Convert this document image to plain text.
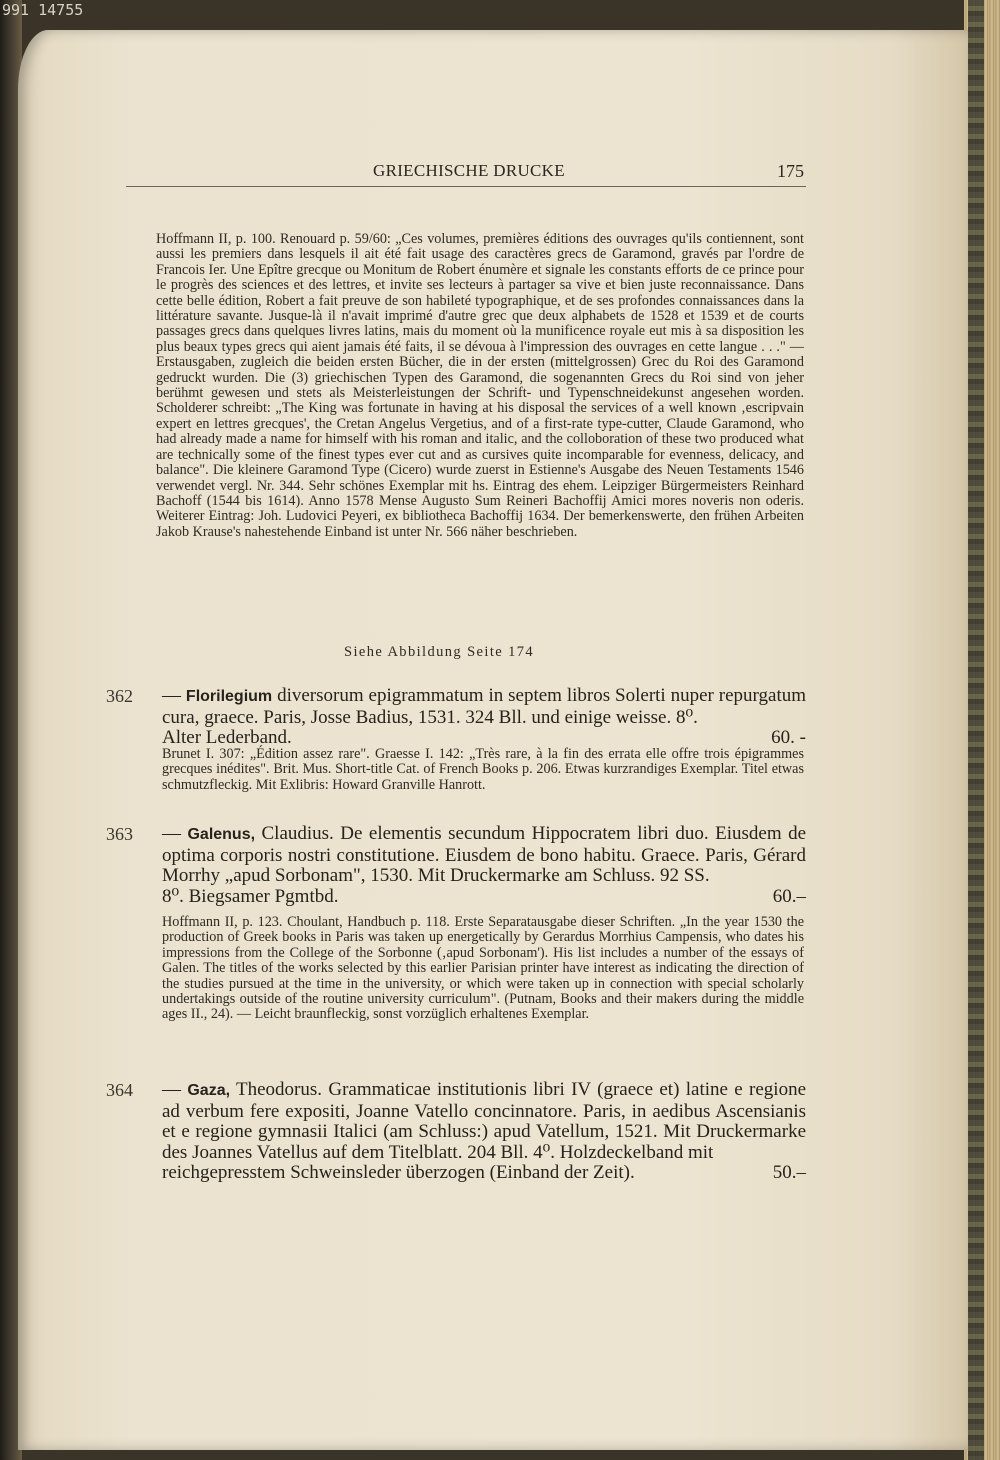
991 14755
GRIECHISCHE DRUCKE	175

Hoffmann II, p. 100. Renouard p. 59/60: „Ces volumes, premières éditions des ouvrages qu'ils contiennent, sont aussi les premiers dans lesquels il ait été fait usage des caractères grecs de Garamond, gravés par l'ordre de Francois Ier. Une Epître grecque ou Monitum de Robert énumère et signale les constants efforts de ce prince pour le progrès des sciences et des lettres, et invite ses lecteurs à partager sa vive et bien juste reconnaissance. Dans cette belle édition, Robert a fait preuve de son habileté typographique, et de ses profondes connaissances dans la littérature savante. Jusque-là il n'avait imprimé d'autre grec que deux alphabets de 1528 et 1539 et de courts passages grecs dans quelques livres latins, mais du moment où la munificence royale eut mis à sa disposition les plus beaux types grecs qui aient jamais été faits, il se dévoua à l'impression des ouvrages en cette langue . . ." — Erstausgaben, zugleich die beiden ersten Bücher, die in der ersten (mittelgrossen) Grec du Roi des Garamond gedruckt wurden. Die (3) griechischen Typen des Garamond, die sogenannten Grecs du Roi sind von jeher berühmt gewesen und stets als Meisterleistungen der Schrift- und Typenschneidekunst angesehen worden. Scholderer schreibt: „The King was fortunate in having at his disposal the services of a well known ‚escripvain expert en lettres grecques', the Cretan Angelus Vergetius, and of a first-rate type-cutter, Claude Garamond, who had already made a name for himself with his roman and italic, and the colloboration of these two produced what are technically some of the finest types ever cut and as cursives quite incomparable for evenness, delicacy, and balance". Die kleinere Garamond Type (Cicero) wurde zuerst in Estienne's Ausgabe des Neuen Testaments 1546 verwendet vergl. Nr. 344. Sehr schönes Exemplar mit hs. Eintrag des ehem. Leipziger Bürgermeisters Reinhard Bachoff (1544 bis 1614). Anno 1578 Mense Augusto Sum Reineri Bachoffij Amici mores noveris non oderis. Weiterer Eintrag: Joh. Ludovici Peyeri, ex bibliotheca Bachoffij 1634. Der bemerkenswerte, den frühen Arbeiten Jakob Krause's nahestehende Einband ist unter Nr. 566 näher beschrieben.

Siehe Abbildung Seite 174
362	— Florilegium diversorum epigrammatum in septem libros Solerti nuper repurgatum cura, graece. Paris, Josse Badius, 1531. 324 Bll. und einige weisse. 8⁰.
Alter Lederband.	60. -

Brunet I. 307: „Édition assez rare". Graesse I. 142: „Très rare, à la fin des errata elle offre trois épigrammes grecques inédites". Brit. Mus. Short-title Cat. of French Books p. 206. Etwas kurzrandiges Exemplar. Titel etwas schmutzfleckig. Mit Exlibris: Howard Granville Hanrott.

363	— Galenus, Claudius. De elementis secundum Hippocratem libri duo. Eiusdem de optima corporis nostri constitutione. Eiusdem de bono habitu. Graece. Paris, Gérard Morrhy „apud Sorbonam", 1530. Mit Druckermarke am Schluss. 92 SS.
8⁰. Biegsamer Pgmtbd.	60.–

Hoffmann II, p. 123. Choulant, Handbuch p. 118. Erste Separatausgabe dieser Schriften. „In the year 1530 the production of Greek books in Paris was taken up energetically by Gerardus Morrhius Campensis, who dates his impressions from the College of the Sorbonne (‚apud Sorbonam'). His list includes a number of the essays of Galen. The titles of the works selected by this earlier Parisian printer have interest as indicating the direction of the studies pursued at the time in the university, or which were taken up in connection with special scholarly undertakings outside of the routine university curriculum". (Putnam, Books and their makers during the middle ages II., 24). — Leicht braunfleckig, sonst vorzüglich erhaltenes Exemplar.

364	— Gaza, Theodorus. Grammaticae institutionis libri IV (graece et) latine e regione ad verbum fere expositi, Joanne Vatello concinnatore. Paris, in aedibus Ascensianis et e regione gymnasii Italici (am Schluss:) apud Vatellum, 1521. Mit Druckermarke des Joannes Vatellus auf dem Titelblatt. 204 Bll. 4⁰. Holzdeckelband mit
reichgepresstem Schweinsleder überzogen (Einband der Zeit).	50.–
